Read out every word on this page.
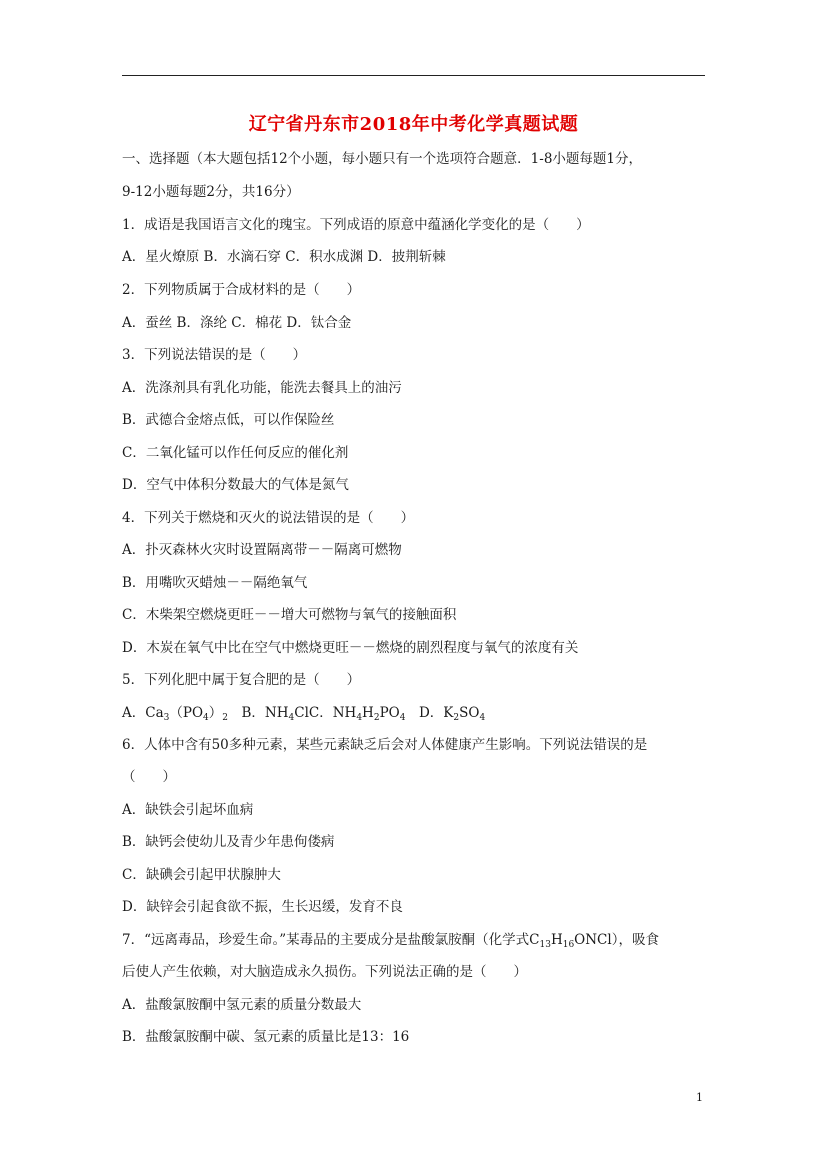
辽宁省丹东市2018年中考化学真题试题
一、选择题（本大题包括12个小题，每小题只有一个选项符合题意．1-8小题每题1分，
9-12小题每题2分，共16分）
1．成语是我国语言文化的瑰宝。下列成语的原意中蕴涵化学变化的是（　　）
A．星火燎原 B．水滴石穿 C．积水成渊 D．披荆斩棘
2．下列物质属于合成材料的是（　　）
A．蚕丝 B．涤纶 C．棉花 D．钛合金
3．下列说法错误的是（　　）
A．洗涤剂具有乳化功能，能洗去餐具上的油污
B．武德合金熔点低，可以作保险丝
C．二氧化锰可以作任何反应的催化剂
D．空气中体积分数最大的气体是氮气
4．下列关于燃烧和灭火的说法错误的是（　　）
A．扑灭森林火灾时设置隔离带－－隔离可燃物
B．用嘴吹灭蜡烛－－隔绝氧气
C．木柴架空燃烧更旺－－增大可燃物与氧气的接触面积
D．木炭在氧气中比在空气中燃烧更旺－－燃烧的剧烈程度与氧气的浓度有关
5．下列化肥中属于复合肥的是（　　）
A．$Ca_3(PO_4)_2$　B．$NH_4ClC$．$NH_4H_2PO_4$　D．$K_2SO_4$
6．人体中含有50多种元素，某些元素缺乏后会对人体健康产生影响。下列说法错误的是
（　　）
A．缺铁会引起坏血病
B．缺钙会使幼儿及青少年患佝偻病
C．缺碘会引起甲状腺肿大
D．缺锌会引起食欲不振，生长迟缓，发育不良
7．“远离毒品，珍爱生命。”某毒品的主要成分是盐酸氯胺酮（化学式$C_{13}H_{16}ONCl$），吸食
后使人产生依赖，对大脑造成永久损伤。下列说法正确的是（　　）
A．盐酸氯胺酮中氢元素的质量分数最大
B．盐酸氯胺酮中碳、氢元素的质量比是13：16
1
